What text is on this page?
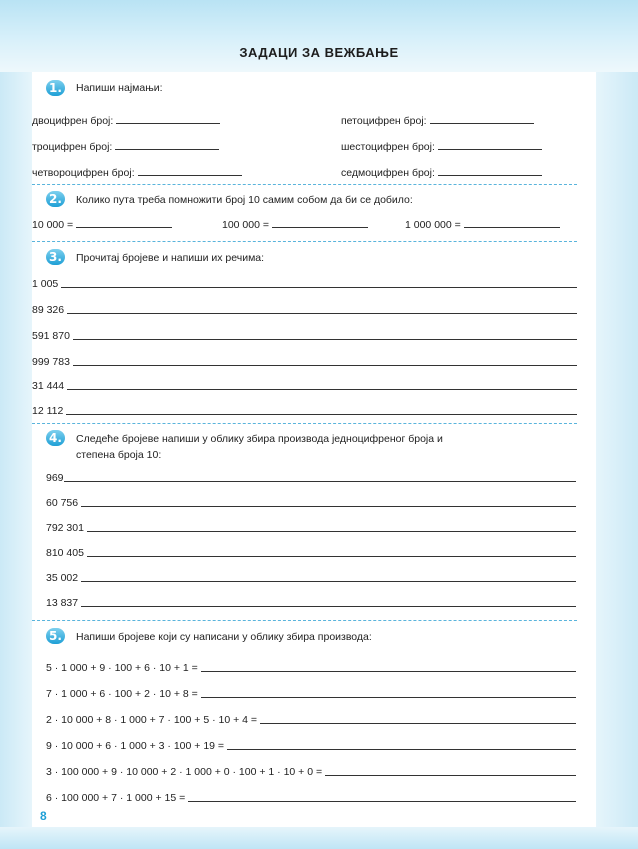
ЗАДАЦИ ЗА ВЕЖБАЊЕ
1. Напиши најмањи:
двоцифрен број:
троцифрен број:
четвороцифрен број:
петоцифрен број:
шестоцифрен број:
седмоцифрен број:
2. Колико пута треба помножити број 10 самим собом да би се добило:
10 000 =	100 000 =	1 000 000 =
3. Прочитај бројеве и напиши их речима:
1 005
89 326
591 870
999 783
31 444
12 112
4. Следеће бројеве напиши у облику збира производа једноцифреног броја и
степена броја 10:
969
60 756
792 301
810 405
35 002
13 837
5. Напиши бројеве који су написани у облику збира производа:
5 · 1 000 + 9 · 100 + 6 · 10 + 1 =
7 · 1 000 + 6 · 100 + 2 · 10 + 8 =
2 · 10 000 + 8 · 1 000 + 7 · 100 + 5 · 10 + 4 =
9 · 10 000 + 6 · 1 000 + 3 · 100 + 19 =
3 · 100 000 + 9 · 10 000 + 2 · 1 000 + 0 · 100 + 1 · 10 + 0 =
6 · 100 000 + 7 · 1 000 + 15 =
8
